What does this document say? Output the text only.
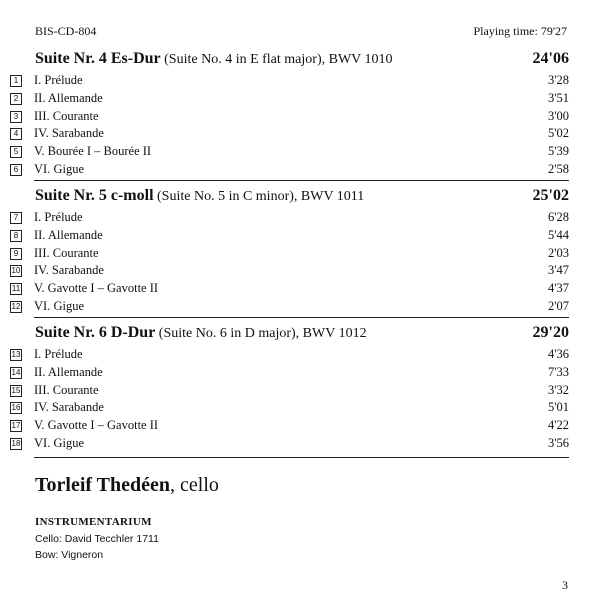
BIS-CD-804	Playing time: 79'27
Suite Nr. 4 Es-Dur (Suite No. 4 in E flat major), BWV 1010	24'06
1	I. Prélude	3'28
2	II. Allemande	3'51
3	III. Courante	3'00
4	IV. Sarabande	5'02
5	V. Bourée I – Bourée II	5'39
6	VI. Gigue	2'58
Suite Nr. 5 c-moll (Suite No. 5 in C minor), BWV 1011	25'02
7	I. Prélude	6'28
8	II. Allemande	5'44
9	III. Courante	2'03
10 IV. Sarabande	3'47
11 V. Gavotte I – Gavotte II	4'37
12 VI. Gigue	2'07
Suite Nr. 6 D-Dur (Suite No. 6 in D major), BWV 1012	29'20
13 I. Prélude	4'36
14 II. Allemande	7'33
15 III. Courante	3'32
16 IV. Sarabande	5'01
17 V. Gavotte I – Gavotte II	4'22
18 VI. Gigue	3'56
Torleif Thedéen, cello
INSTRUMENTARIUM
Cello: David Tecchler 1711
Bow: Vigneron
3
